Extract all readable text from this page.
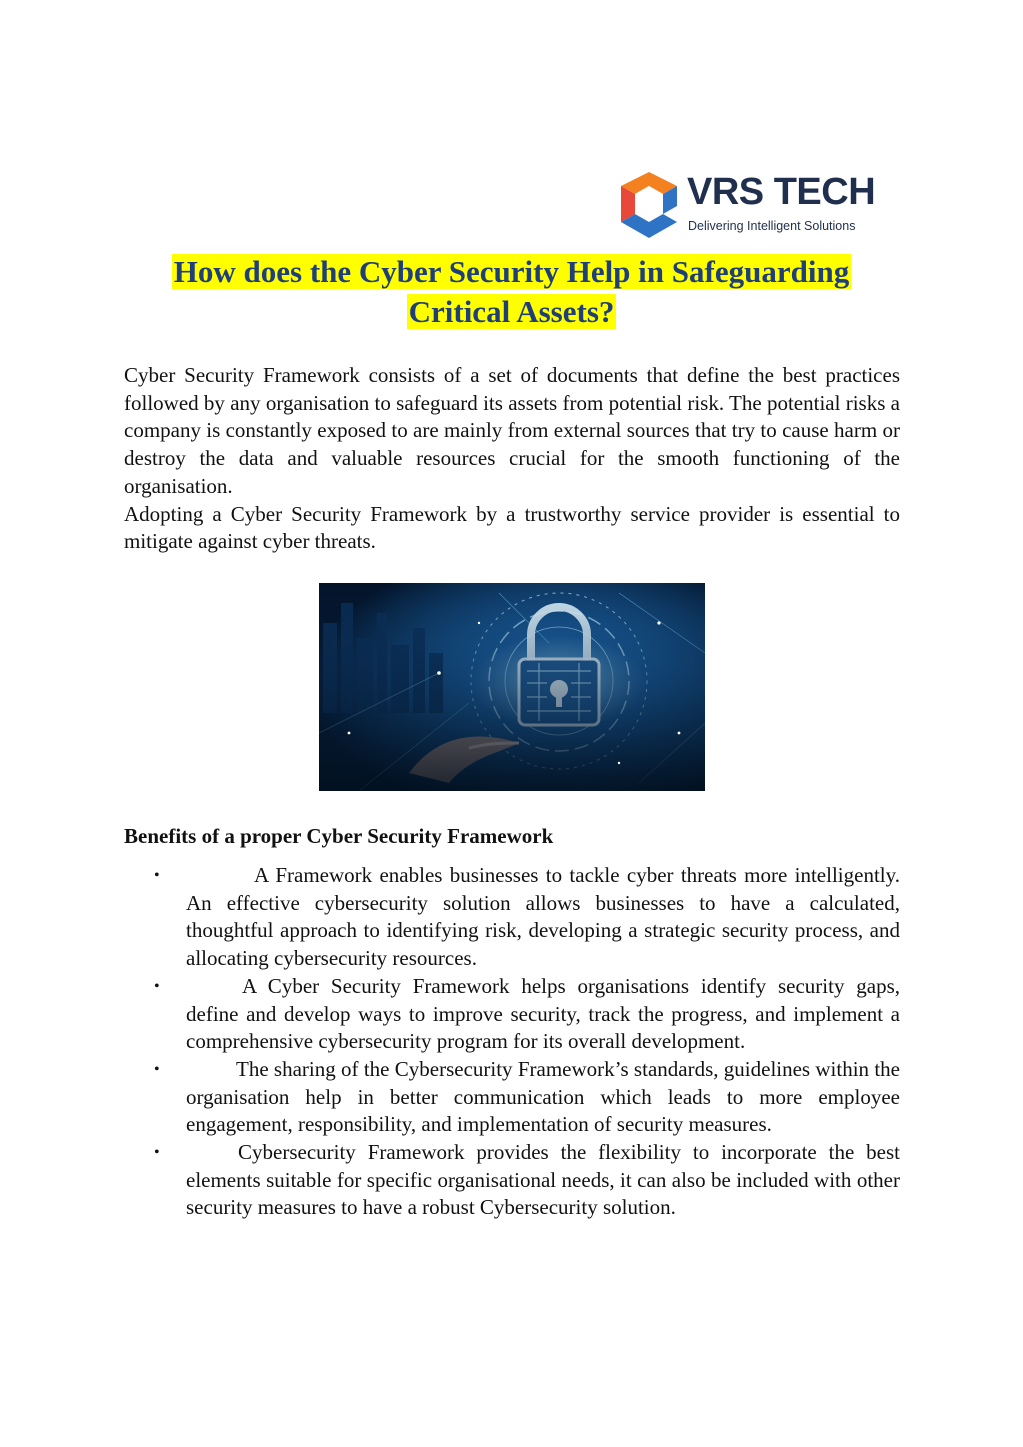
VRS TECH
Delivering Intelligent Solutions
How does the Cyber Security Help in Safeguarding
Critical Assets?

Cyber Security Framework consists of a set of documents that define the best practices followed by any organisation to safeguard its assets from potential risk. The potential risks a company is constantly exposed to are mainly from external sources that try to cause harm or destroy the data and valuable resources crucial for the smooth functioning of the organisation.

Adopting a Cyber Security Framework by a trustworthy service provider is essential to mitigate against cyber threats.

Benefits of a proper Cyber Security Framework
•	A Framework enables businesses to tackle cyber threats more intelligently. An effective cybersecurity solution allows businesses to have a calculated, thoughtful approach to identifying risk, developing a strategic security process, and allocating cybersecurity resources.
•	A Cyber Security Framework helps organisations identify security gaps, define and develop ways to improve security, track the progress, and implement a comprehensive cybersecurity program for its overall development.
•	The sharing of the Cybersecurity Framework’s standards, guidelines within the organisation help in better communication which leads to more employee engagement, responsibility, and implementation of security measures.
•	Cybersecurity Framework provides the flexibility to incorporate the best elements suitable for specific organisational needs, it can also be included with other security measures to have a robust Cybersecurity solution.
